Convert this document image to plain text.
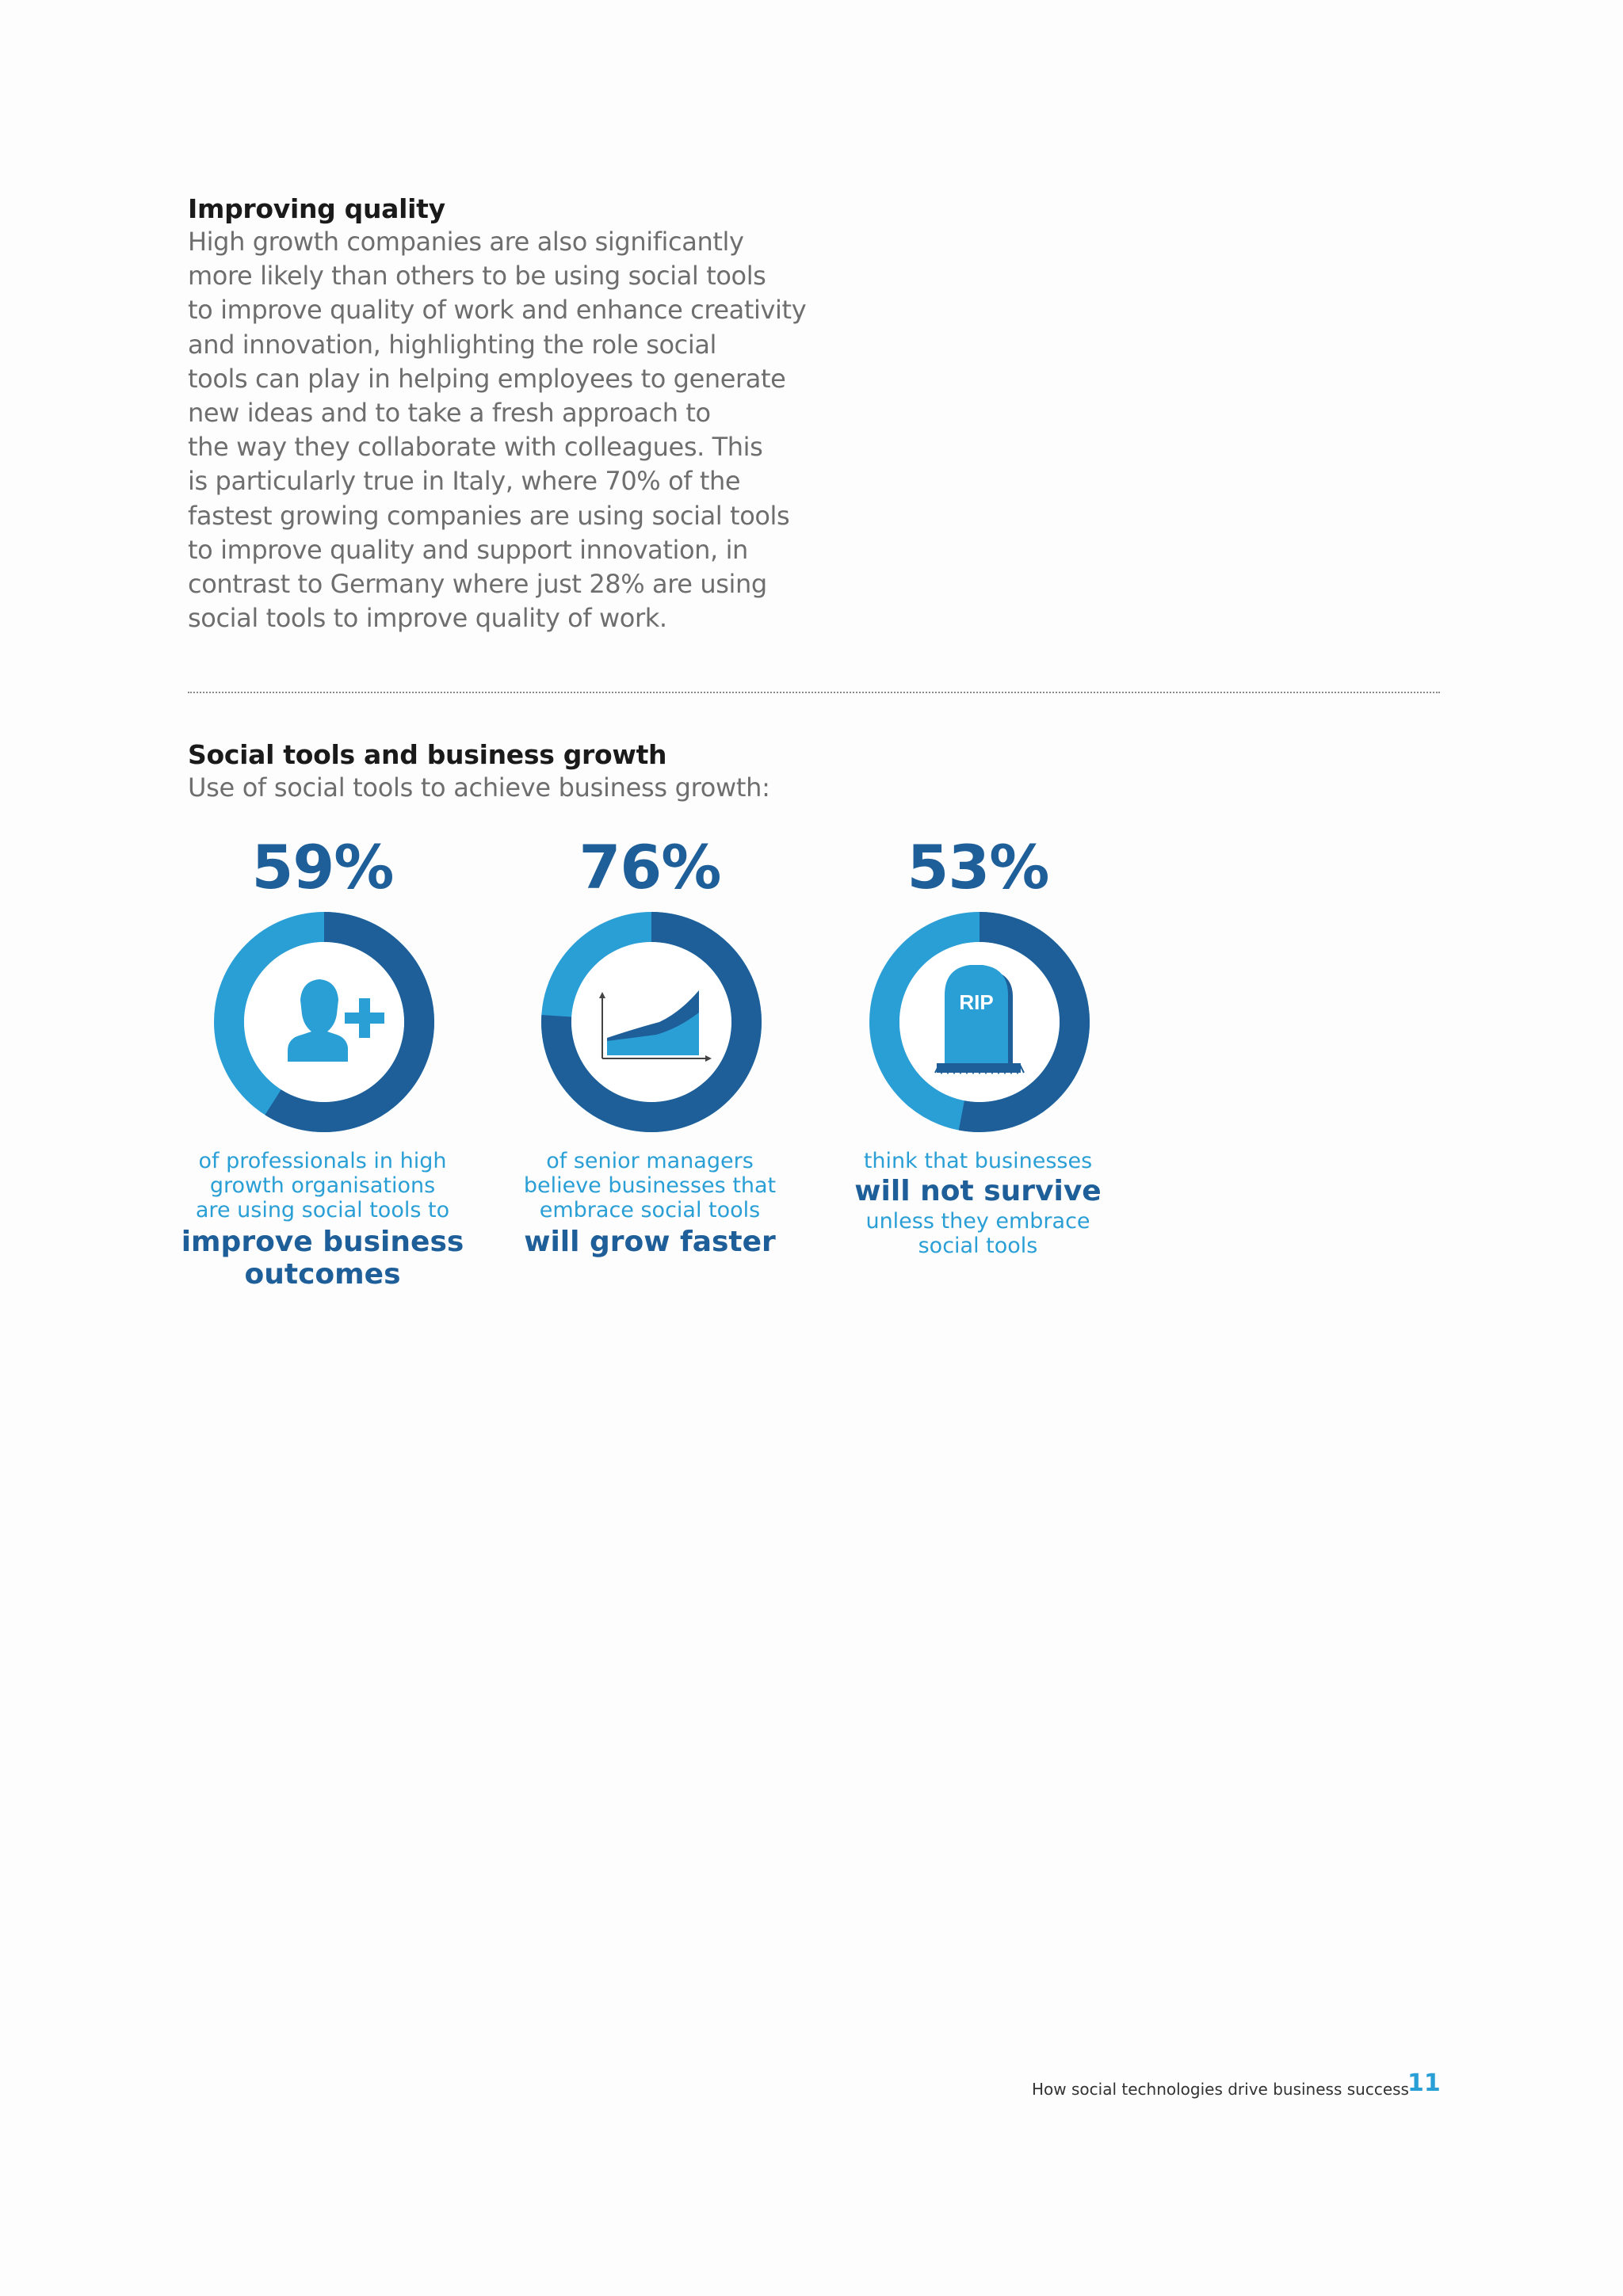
Improving quality

High growth companies are also significantly
more likely than others to be using social tools
to improve quality of work and enhance creativity
and innovation, highlighting the role social
tools can play in helping employees to generate
new ideas and to take a fresh approach to
the way they collaborate with colleagues. This
is particularly true in Italy, where 70% of the
fastest growing companies are using social tools
to improve quality and support innovation, in
contrast to Germany where just 28% are using
social tools to improve quality of work.

Social tools and business growth

Use of social tools to achieve business growth:

59%
of professionals in high
growth organisations
are using social tools to
improve business
outcomes
76%
of senior managers
believe businesses that
embrace social tools
will grow faster
53%
RIP
think that businesses
will not survive
unless they embrace
social tools
How social technologies drive business success
11
